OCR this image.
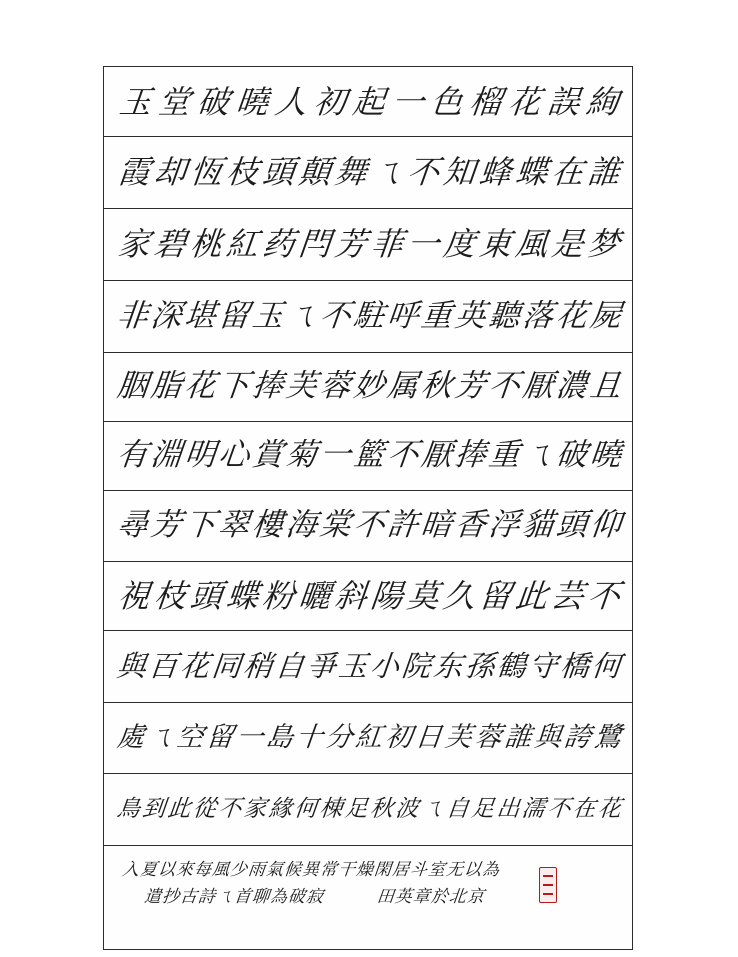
玉 堂 破 曉 人 初 起 一 色 榴 花 誤 絢
霞 却 恆 枝 頭 顛 舞 ㄟ 不 知 蜂 蝶 在 誰
家 碧 桃 紅 药 閂 芳 菲 一 度 東 風 是 梦
非
深
堪
留
玉
ㄟ
不
駐
呼
重
英
聽
落
花
屍
胭
脂
花
下
捧
芙
蓉
妙
属
秋
芳
不
厭
濃
且
有
淵
明
心
賞
菊
一
籃
不
厭
捧
重
ㄟ
破
曉
尋
芳
下
翠
樓
海
棠
不
許
暗
香
浮
貓
頭
仰
視 枝 頭 蝶 粉 曬 斜 陽 莫 久 留 此 芸 不
與 百 花 同 稍 自 爭 玉 小 院 东 孫 鶴 守 橋 何
處 ㄟ 空 留 一 島 十 分 紅 初 日 芙 蓉 誰 與 誇 鷺
鳥 到 此 從 不 家 緣 何 棟 足 秋 波 ㄟ 自 足 出 濡 不 在 花
入夏以來每風少雨氣候異常干燥閑居斗室无以為
遣抄古詩ㄟ首聊為破寂	田英章於北京
